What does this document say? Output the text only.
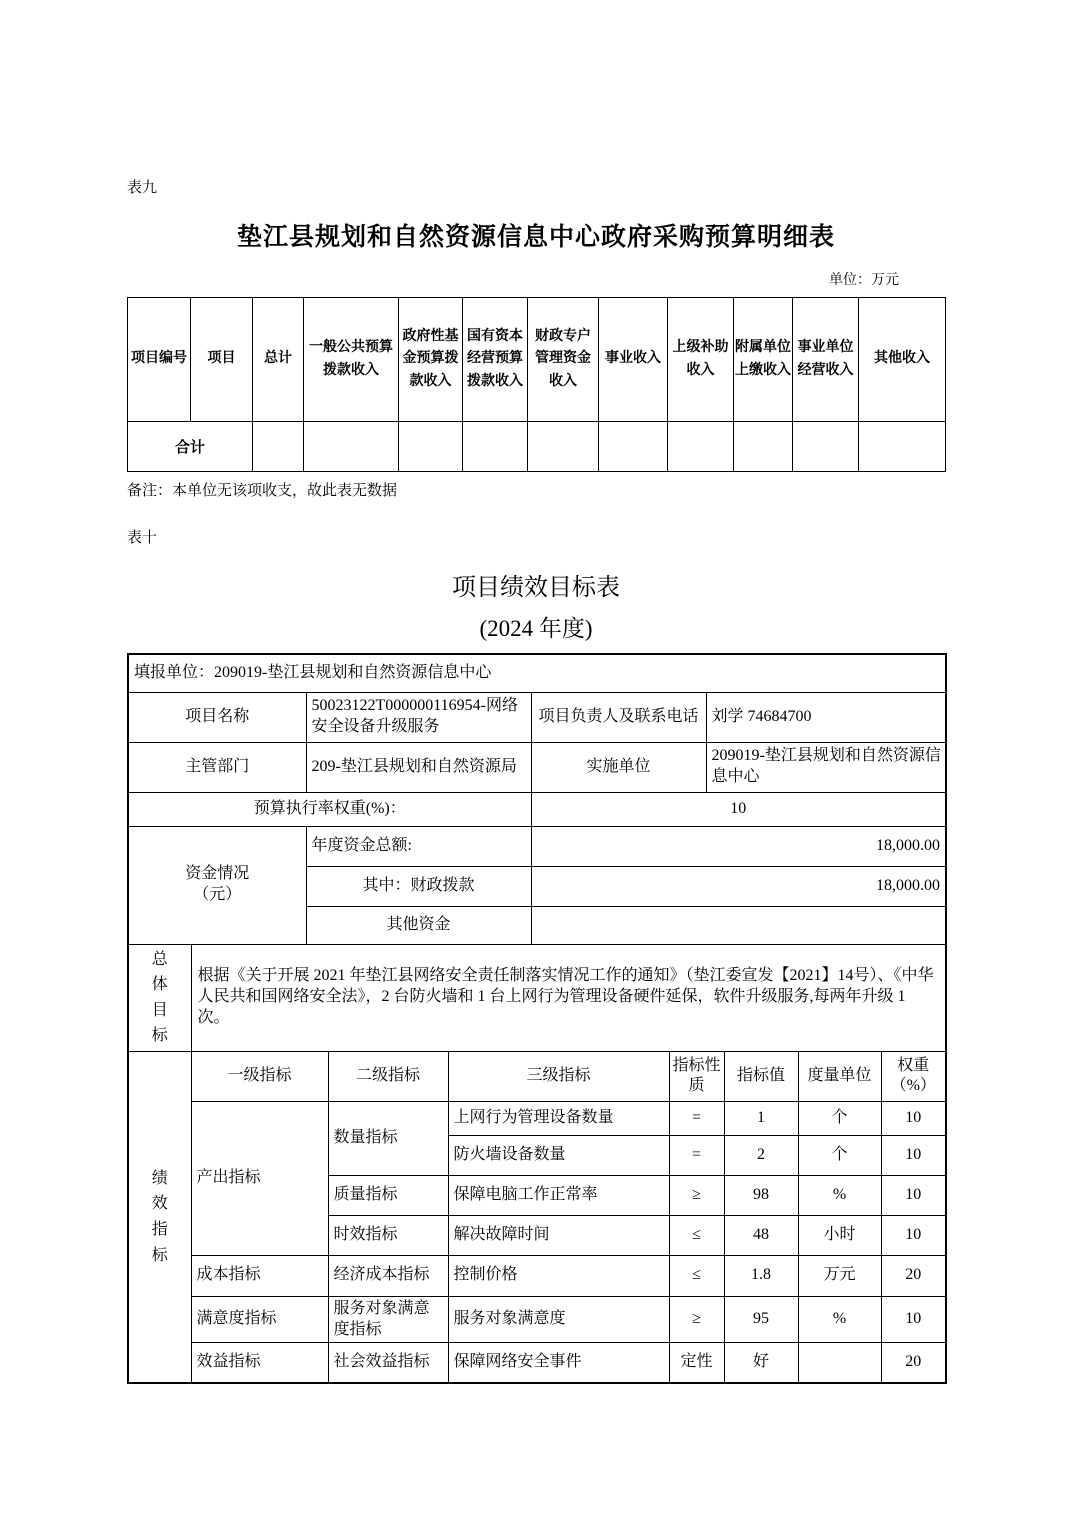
表九
垫江县规划和自然资源信息中心政府采购预算明细表
单位：万元
项目编号	项目	总计	一般公共预算拨款收入	政府性基金预算拨款收入	国有资本经营预算拨款收入	财政专户管理资金收入	事业收入	上级补助收入	附属单位上缴收入	事业单位经营收入	其他收入
合计											
备注：本单位无该项收支，故此表无数据
表十
项目绩效目标表
(2024 年度)
填报单位：209019-垫江县规划和自然资源信息中心										
项目名称		50023122T000000116954-网络安全设备升级服务			项目负责人及联系电话		刘学 74684700			
主管部门		209-垫江县规划和自然资源局			实施单位		209019-垫江县规划和自然资源信息中心			
预算执行率权重(%)：					10					

资金情况
（元）		年度资金总额:			18,000.00					
		其中：财政拨款			18,000.00					
		其他资金								
总体目标	根据《关于开展 2021 年垫江县网络安全责任制落实情况工作的通知》（垫江委宣发【2021】14号）、《中华人民共和国网络安全法》，2 台防火墙和 1 台上网行为管理设备硬件延保，软件升级服务,每两年升级 1 次。									
绩效指标	一级指标		二级指标	三级指标		指标性质		指标值	度量单位	权重（%）
	产出指标		数量指标	上网行为管理设备数量		=		1	个	10
				防火墙设备数量		=		2	个	10
			质量指标	保障电脑工作正常率		≥		98	%	10
			时效指标	解决故障时间		≤		48	小时	10
	成本指标		经济成本指标	控制价格		≤		1.8	万元	20
	满意度指标		服务对象满意度指标	服务对象满意度		≥		95	%	10
	效益指标		社会效益指标	保障网络安全事件		定性		好		20
